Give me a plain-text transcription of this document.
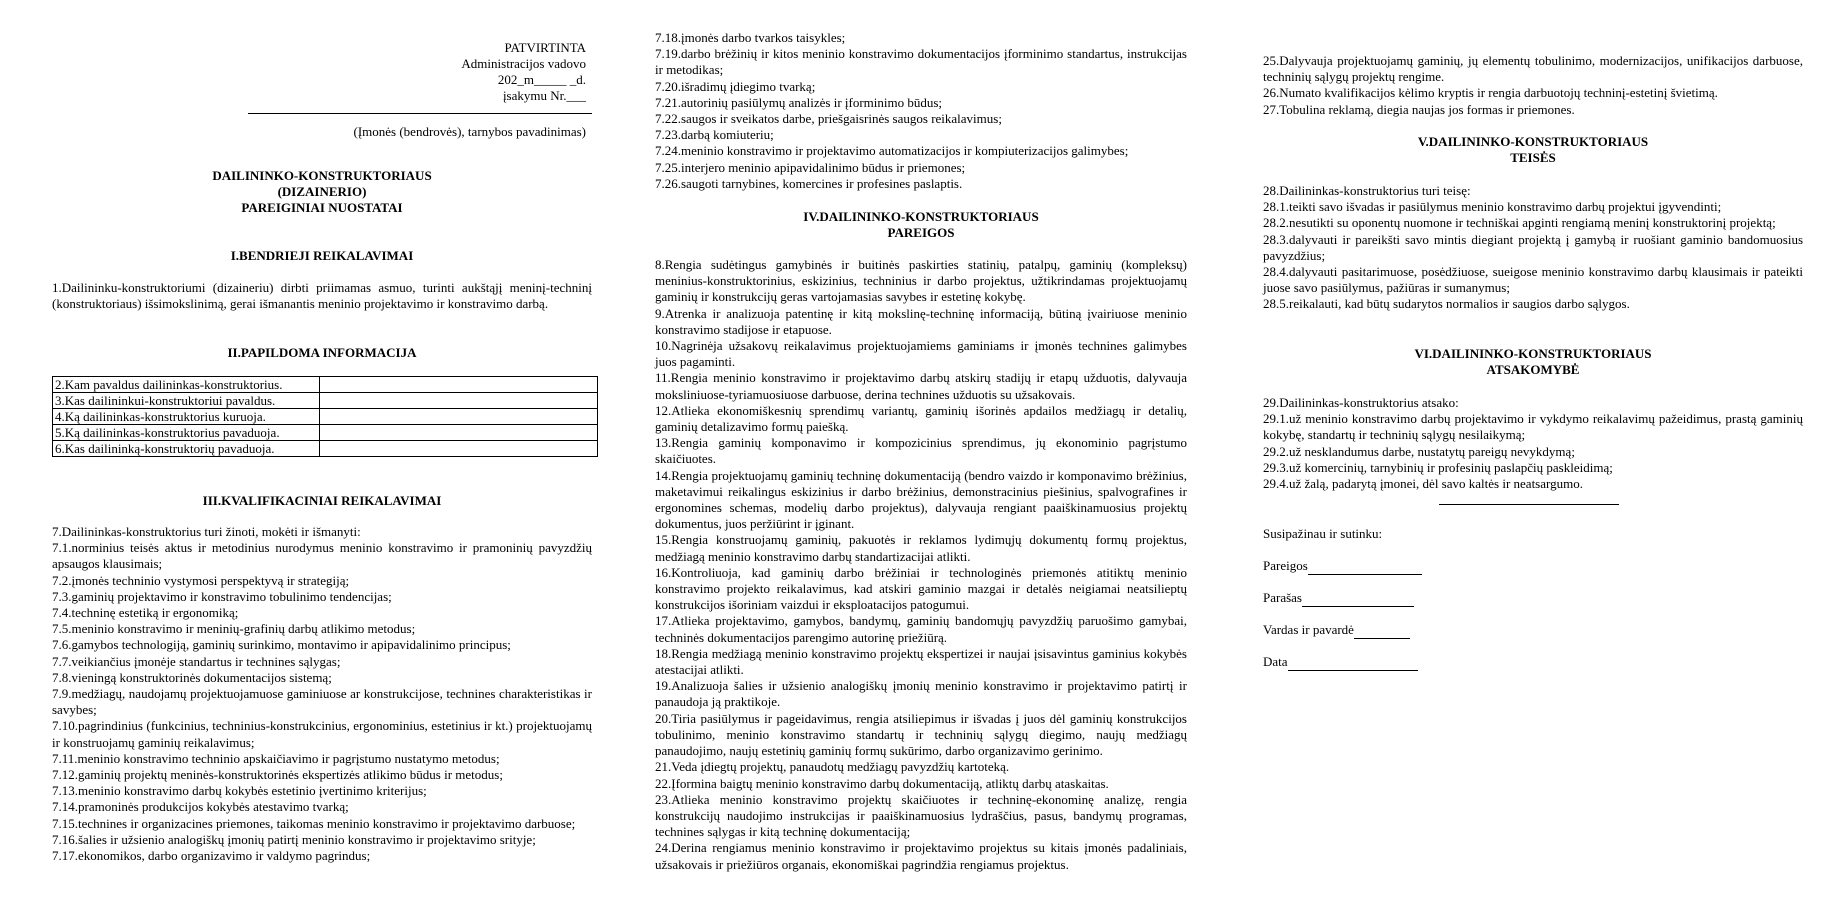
PATVIRTINTA
Administracijos vadovo
202_m_____ _d.
įsakymu Nr.___
(Įmonės (bendrovės), tarnybos pavadinimas)
DAILININKO-KONSTRUKTORIAUS
(DIZAINERIO)
PAREIGINIAI NUOSTATAI
I.BENDRIEJI REIKALAVIMAI

1.Dailininku-konstruktoriumi (dizaineriu) dirbti priimamas asmuo, turinti aukštąjį meninį-techninį (konstruktoriaus) išsimokslinimą, gerai išmanantis meninio projektavimo ir konstravimo darbą.

II.PAPILDOMA INFORMACIJA
2.Kam pavaldus dailininkas-konstruktorius.	
3.Kas dailininkui-konstruktoriui pavaldus.	
4.Ką dailininkas-konstruktorius kuruoja.	
5.Ką dailininkas-konstruktorius pavaduoja.	
6.Kas dailininką-konstruktorių pavaduoja.	
III.KVALIFIKACINIAI REIKALAVIMAI

7.Dailininkas-konstruktorius turi žinoti, mokėti ir išmanyti:

7.1.norminius teisės aktus ir metodinius nurodymus meninio konstravimo ir pramoninių pavyzdžių apsaugos klausimais;

7.2.įmonės techninio vystymosi perspektyvą ir strategiją;

7.3.gaminių projektavimo ir konstravimo tobulinimo tendencijas;

7.4.techninę estetiką ir ergonomiką;

7.5.meninio konstravimo ir meninių-grafinių darbų atlikimo metodus;

7.6.gamybos technologiją, gaminių surinkimo, montavimo ir apipavidalinimo principus;

7.7.veikiančius įmonėje standartus ir technines sąlygas;

7.8.vieningą konstruktorinės dokumentacijos sistemą;

7.9.medžiagų, naudojamų projektuojamuose gaminiuose ar konstrukcijose, technines charakteristikas ir savybes;

7.10.pagrindinius (funkcinius, techninius-konstrukcinius, ergonominius, estetinius ir kt.) projektuojamų ir konstruojamų gaminių reikalavimus;

7.11.meninio konstravimo techninio apskaičiavimo ir pagrįstumo nustatymo metodus;

7.12.gaminių projektų meninės-konstruktorinės ekspertizės atlikimo būdus ir metodus;

7.13.meninio konstravimo darbų kokybės estetinio įvertinimo kriterijus;

7.14.pramoninės produkcijos kokybės atestavimo tvarką;

7.15.technines ir organizacines priemones, taikomas meninio konstravimo ir projektavimo darbuose;

7.16.šalies ir užsienio analogiškų įmonių patirtį meninio konstravimo ir projektavimo srityje;

7.17.ekonomikos, darbo organizavimo ir valdymo pagrindus;

7.18.įmonės darbo tvarkos taisykles;

7.19.darbo brėžinių ir kitos meninio konstravimo dokumentacijos įforminimo standartus, instrukcijas ir metodikas;

7.20.išradimų įdiegimo tvarką;

7.21.autorinių pasiūlymų analizės ir įforminimo būdus;

7.22.saugos ir sveikatos darbe, priešgaisrinės saugos reikalavimus;

7.23.darbą komiuteriu;

7.24.meninio konstravimo ir projektavimo automatizacijos ir kompiuterizacijos galimybes;

7.25.interjero meninio apipavidalinimo būdus ir priemones;

7.26.saugoti tarnybines, komercines ir profesines paslaptis.

IV.DAILININKO-KONSTRUKTORIAUS
PAREIGOS

8.Rengia sudėtingus gamybinės ir buitinės paskirties statinių, patalpų, gaminių (kompleksų) meninius-konstruktorinius, eskizinius, techninius ir darbo projektus, užtikrindamas projektuojamų gaminių ir konstrukcijų geras vartojamasias savybes ir estetinę kokybę.

9.Atrenka ir analizuoja patentinę ir kitą mokslinę-techninę informaciją, būtiną įvairiuose meninio konstravimo stadijose ir etapuose.

10.Nagrinėja užsakovų reikalavimus projektuojamiems gaminiams ir įmonės technines galimybes juos pagaminti.

11.Rengia meninio konstravimo ir projektavimo darbų atskirų stadijų ir etapų užduotis, dalyvauja moksliniuose-tyriamuosiuose darbuose, derina technines užduotis su užsakovais.

12.Atlieka ekonomiškesnių sprendimų variantų, gaminių išorinės apdailos medžiagų ir detalių, gaminių detalizavimo formų paiešką.

13.Rengia gaminių komponavimo ir kompozicinius sprendimus, jų ekonominio pagrįstumo skaičiuotes.

14.Rengia projektuojamų gaminių techninę dokumentaciją (bendro vaizdo ir komponavimo brėžinius, maketavimui reikalingus eskizinius ir darbo brėžinius, demonstracinius piešinius, spalvografines ir ergonomines schemas, modelių darbo projektus), dalyvauja rengiant paaiškinamuosius projektų dokumentus, juos peržiūrint ir įginant.

15.Rengia konstruojamų gaminių, pakuotės ir reklamos lydimųjų dokumentų formų projektus, medžiagą meninio konstravimo darbų standartizacijai atlikti.

16.Kontroliuoja, kad gaminių darbo brėžiniai ir technologinės priemonės atitiktų meninio konstravimo projekto reikalavimus, kad atskiri gaminio mazgai ir detalės neigiamai neatsilieptų konstrukcijos išoriniam vaizdui ir eksploatacijos patogumui.

17.Atlieka projektavimo, gamybos, bandymų, gaminių bandomųjų pavyzdžių paruošimo gamybai, techninės dokumentacijos parengimo autorinę priežiūrą.

18.Rengia medžiagą meninio konstravimo projektų ekspertizei ir naujai įsisavintus gaminius kokybės atestacijai atlikti.

19.Analizuoja šalies ir užsienio analogiškų įmonių meninio konstravimo ir projektavimo patirtį ir panaudoja ją praktikoje.

20.Tiria pasiūlymus ir pageidavimus, rengia atsiliepimus ir išvadas į juos dėl gaminių konstrukcijos tobulinimo, meninio konstravimo standartų ir techninių sąlygų diegimo, naujų medžiagų panaudojimo, naujų estetinių gaminių formų sukūrimo, darbo organizavimo gerinimo.

21.Veda įdiegtų projektų, panaudotų medžiagų pavyzdžių kartoteką.

22.Įformina baigtų meninio konstravimo darbų dokumentaciją, atliktų darbų ataskaitas.

23.Atlieka meninio konstravimo projektų skaičiuotes ir techninę-ekonominę analizę, rengia konstrukcijų naudojimo instrukcijas ir paaiškinamuosius lydraščius, pasus, bandymų programas, technines sąlygas ir kitą techninę dokumentaciją;

24.Derina rengiamus meninio konstravimo ir projektavimo projektus su kitais įmonės padaliniais, užsakovais ir priežiūros organais, ekonomiškai pagrindžia rengiamus projektus.

25.Dalyvauja projektuojamų gaminių, jų elementų tobulinimo, modernizacijos, unifikacijos darbuose, techninių sąlygų projektų rengime.

26.Numato kvalifikacijos kėlimo kryptis ir rengia darbuotojų techninį-estetinį švietimą.

27.Tobulina reklamą, diegia naujas jos formas ir priemones.

V.DAILININKO-KONSTRUKTORIAUS
TEISĖS

28.Dailininkas-konstruktorius turi teisę:

28.1.teikti savo išvadas ir pasiūlymus meninio konstravimo darbų projektui įgyvendinti;

28.2.nesutikti su oponentų nuomone ir techniškai apginti rengiamą meninį konstruktorinį projektą;

28.3.dalyvauti ir pareikšti savo mintis diegiant projektą į gamybą ir ruošiant gaminio bandomuosius pavyzdžius;

28.4.dalyvauti pasitarimuose, posėdžiuose, sueigose meninio konstravimo darbų klausimais ir pateikti juose savo pasiūlymus, pažiūras ir sumanymus;

28.5.reikalauti, kad būtų sudarytos normalios ir saugios darbo sąlygos.

VI.DAILININKO-KONSTRUKTORIAUS
ATSAKOMYBĖ

29.Dailininkas-konstruktorius atsako:

29.1.už meninio konstravimo darbų projektavimo ir vykdymo reikalavimų pažeidimus, prastą gaminių kokybę, standartų ir techninių sąlygų nesilaikymą;

29.2.už nesklandumus darbe, nustatytų pareigų nevykdymą;

29.3.už komercinių, tarnybinių ir profesinių paslapčių paskleidimą;

29.4.už žalą, padarytą įmonei, dėl savo kaltės ir neatsargumo.

Susipažinau ir sutinku:
Pareigos
Parašas
Vardas ir pavardė
Data
